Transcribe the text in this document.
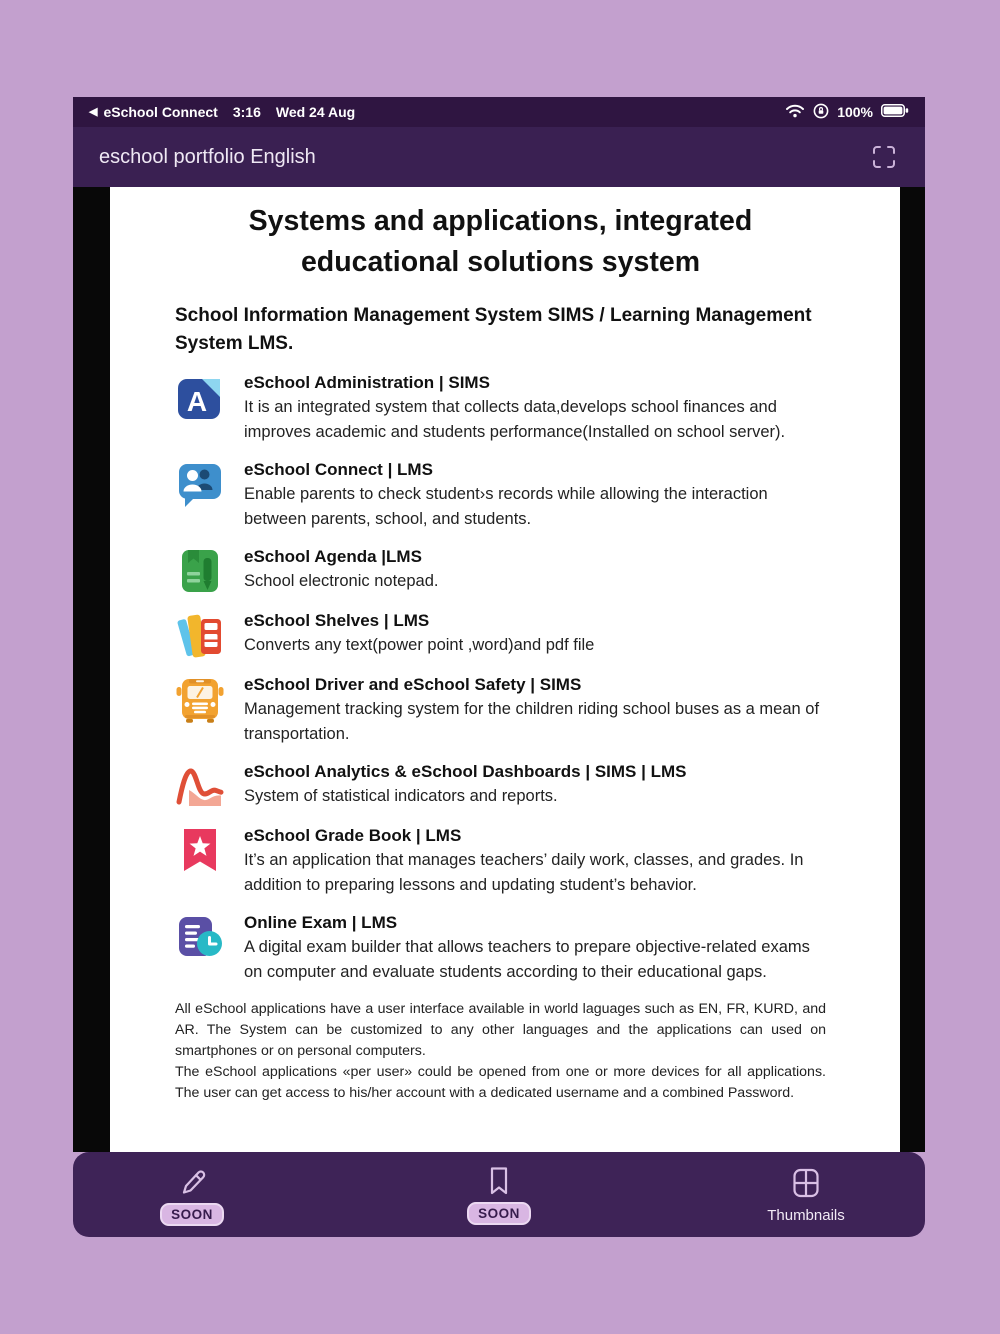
◀ eSchool Connect 3:16 Wed 24 Aug	100%
eschool portfolio English
Systems and applications, integrated
educational solutions system
School Information Management System SIMS / Learning Management System LMS.
A
eSchool Administration | SIMS
It is an integrated system that collects data,develops school finances and improves academic and students performance(Installed on school server).
eSchool Connect | LMS
Enable parents to check student›s records while allowing the interaction between parents, school, and students.
eSchool Agenda |LMS
School electronic notepad.
eSchool Shelves | LMS
Converts any text(power point ,word)and pdf file
eSchool Driver and eSchool Safety | SIMS
Management tracking system for the children riding school buses as a mean of transportation.
eSchool Analytics & eSchool Dashboards | SIMS | LMS
System of statistical indicators and reports.
eSchool Grade Book | LMS
It’s an application that manages teachers’ daily work, classes, and grades. In addition to preparing lessons and updating student’s behavior.
Online Exam | LMS
A digital exam builder that allows teachers to prepare objective-related exams on computer and evaluate students according to their educational gaps.

All eSchool applications have a user interface available in world laguages such as EN, FR, KURD, and AR. The System can be customized to any other languages and the applications can used on smartphones or on personal computers.

The eSchool applications «per user» could be opened from one or more devices for all applications. The user can get access to his/her account with a dedicated username and a combined Password.

SOON	SOON	Thumbnails
